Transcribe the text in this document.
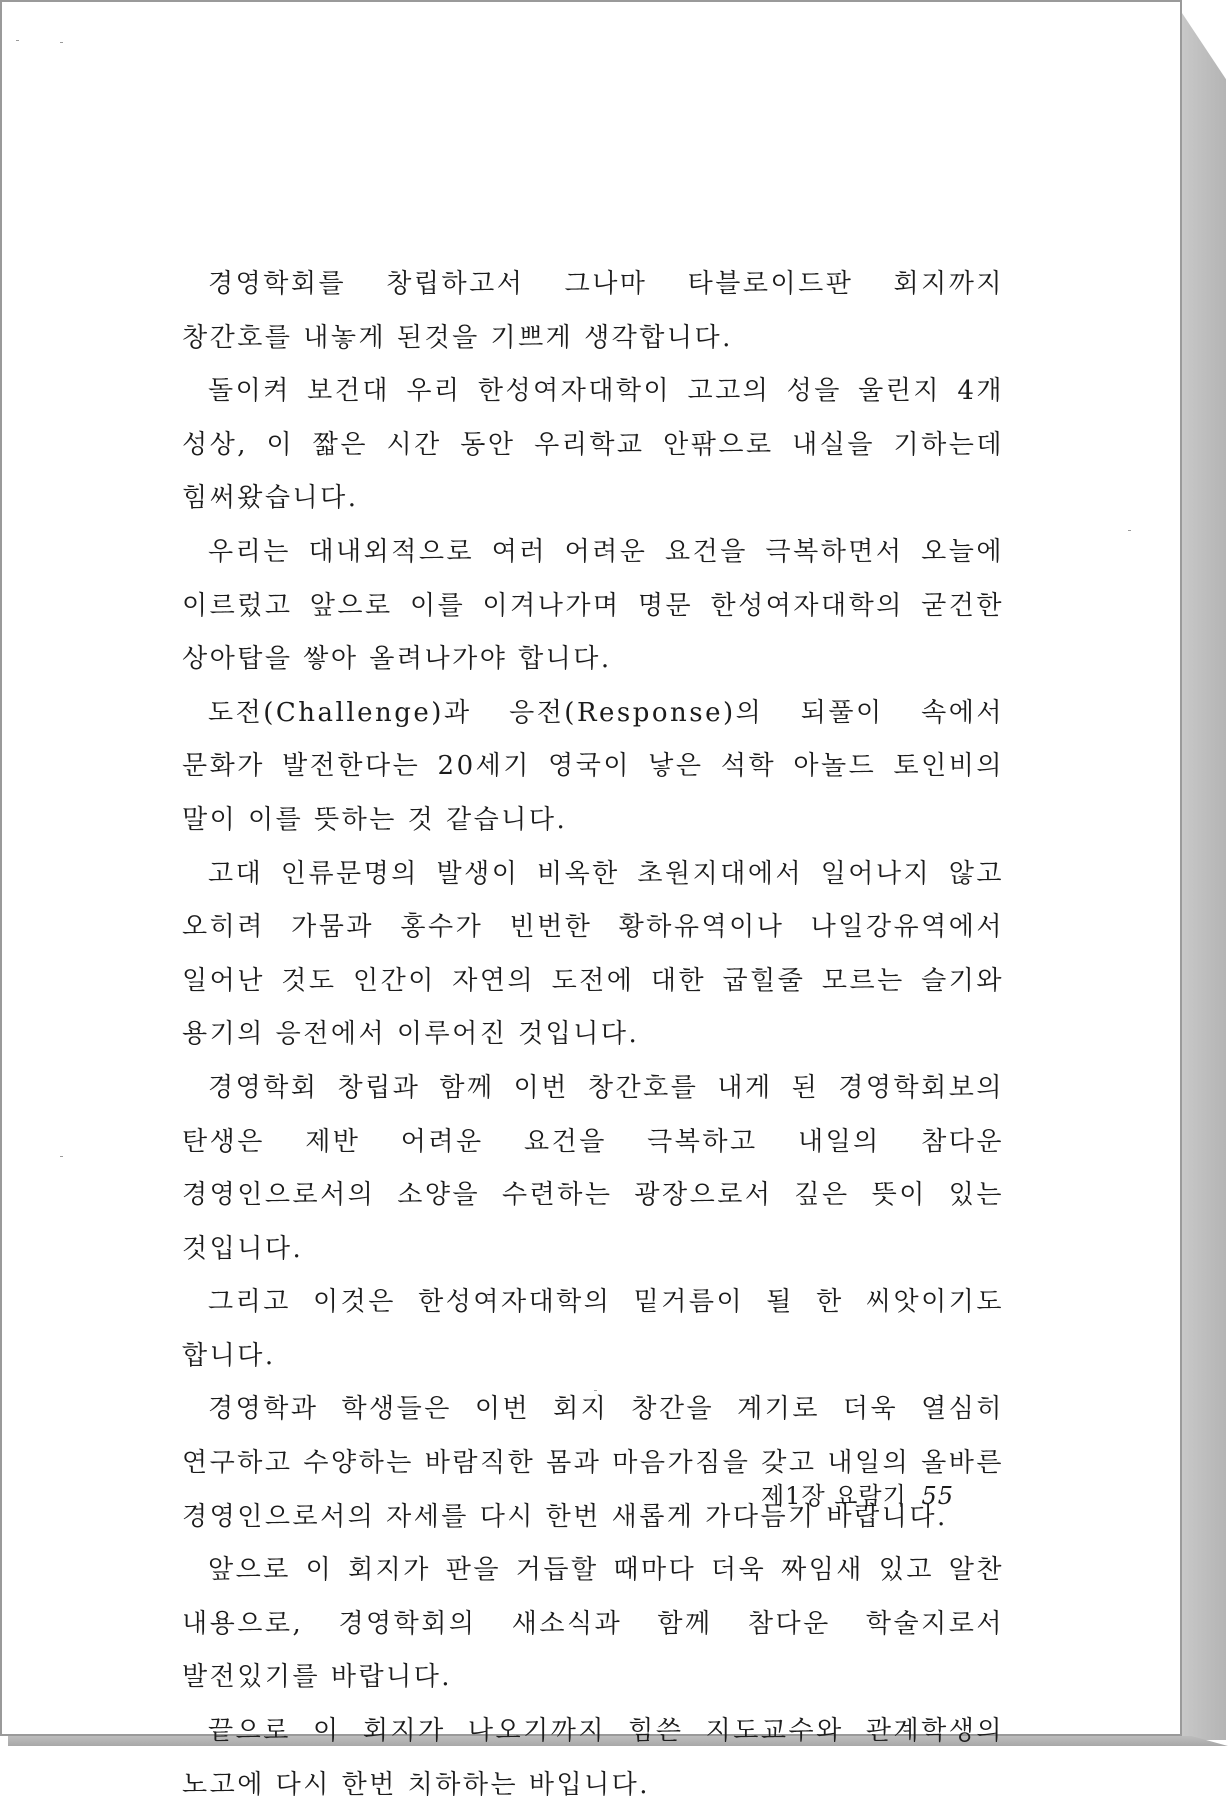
경영학회를 창립하고서 그나마 타블로이드판 회지까지 창간호를 내놓게 된것을 기쁘게 생각합니다.

돌이켜 보건대 우리 한성여자대학이 고고의 성을 울린지 4개 성상, 이 짧은 시간 동안 우리학교 안팎으로 내실을 기하는데 힘써왔습니다.

우리는 대내외적으로 여러 어려운 요건을 극복하면서 오늘에 이르렀고 앞으로 이를 이겨나가며 명문 한성여자대학의 굳건한 상아탑을 쌓아 올려나가야 합니다.

도전(Challenge)과 응전(Response)의 되풀이 속에서 문화가 발전한다는 20세기 영국이 낳은 석학 아놀드 토인비의 말이 이를 뜻하는 것 같습니다.

고대 인류문명의 발생이 비옥한 초원지대에서 일어나지 않고 오히려 가뭄과 홍수가 빈번한 황하유역이나 나일강유역에서 일어난 것도 인간이 자연의 도전에 대한 굽힐줄 모르는 슬기와 용기의 응전에서 이루어진 것입니다.

경영학회 창립과 함께 이번 창간호를 내게 된 경영학회보의 탄생은 제반 어려운 요건을 극복하고 내일의 참다운 경영인으로서의 소양을 수련하는 광장으로서 깊은 뜻이 있는 것입니다.

그리고 이것은 한성여자대학의 밑거름이 될 한 씨앗이기도 합니다.

경영학과 학생들은 이번 회지 창간을 계기로 더욱 열심히 연구하고 수양하는 바람직한 몸과 마음가짐을 갖고 내일의 올바른 경영인으로서의 자세를 다시 한번 새롭게 가다듬기 바랍니다.

앞으로 이 회지가 판을 거듭할 때마다 더욱 짜임새 있고 알찬 내용으로, 경영학회의 새소식과 함께 참다운 학술지로서 발전있기를 바랍니다.

끝으로 이 회지가 나오기까지 힘쓴 지도교수와 관계학생의 노고에 다시 한번 치하하는 바입니다.

제1장 요람기 55
